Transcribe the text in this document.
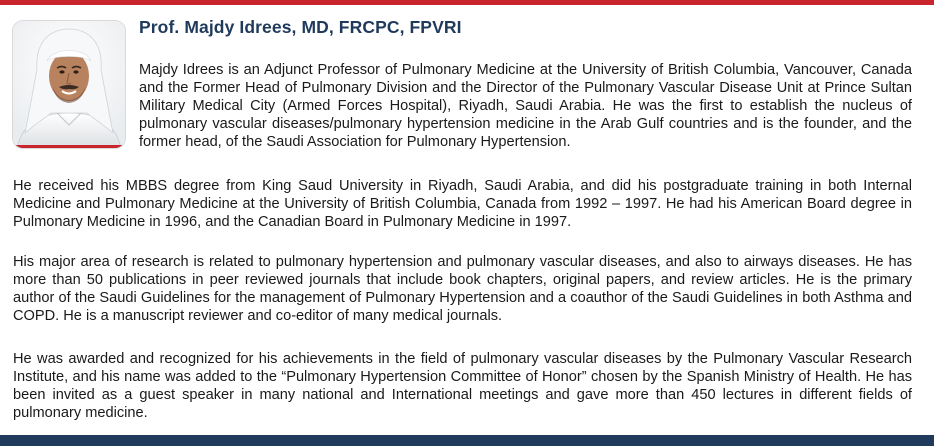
Prof. Majdy Idrees, MD, FRCPC, FPVRI

Majdy Idrees is an Adjunct Professor of Pulmonary Medicine at the University of British Columbia, Vancouver, Canada and the Former Head of Pulmonary Division and the Director of the Pulmonary Vascular Disease Unit at Prince Sultan Military Medical City (Armed Forces Hospital), Riyadh, Saudi Arabia. He was the first to establish the nucleus of pulmonary vascular diseases/pulmonary hypertension medicine in the Arab Gulf countries and is the founder, and the former head, of the Saudi Association for Pulmonary Hypertension.

He received his MBBS degree from King Saud University in Riyadh, Saudi Arabia, and did his postgraduate training in both Internal Medicine and Pulmonary Medicine at the University of British Columbia, Canada from 1992 – 1997. He had his American Board degree in Pulmonary Medicine in 1996, and the Canadian Board in Pulmonary Medicine in 1997.

His major area of research is related to pulmonary hypertension and pulmonary vascular diseases, and also to airways diseases. He has more than 50 publications in peer reviewed journals that include book chapters, original papers, and review articles. He is the primary author of the Saudi Guidelines for the management of Pulmonary Hypertension and a coauthor of the Saudi Guidelines in both Asthma and COPD. He is a manuscript reviewer and co-editor of many medical journals.

He was awarded and recognized for his achievements in the field of pulmonary vascular diseases by the Pulmonary Vascular Research Institute, and his name was added to the “Pulmonary Hypertension Committee of Honor” chosen by the Spanish Ministry of Health. He has been invited as a guest speaker in many national and International meetings and gave more than 450 lectures in different fields of pulmonary medicine.
